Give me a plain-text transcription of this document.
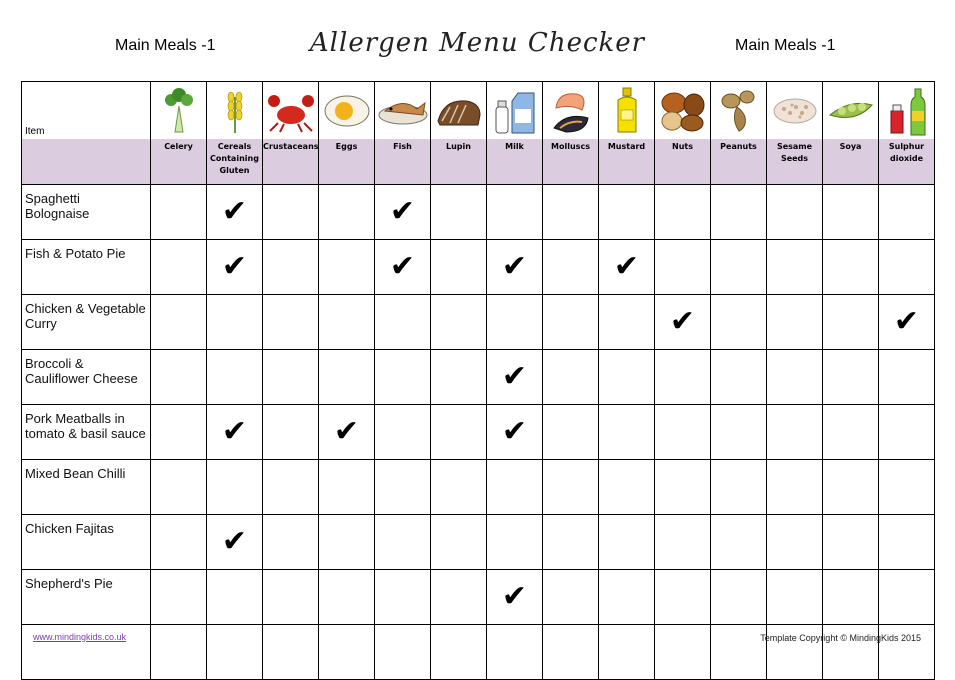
Main Meals -1	Allergen Menu Checker	Main Meals -1
Item	

	Celery	Cereals Containing Gluten	Crustaceans	Eggs	Fish	Lupin	Milk	Molluscs	Mustard	Nuts	Peanuts	Sesame Seeds	Soya	Sulphur dioxide
Spaghetti Bolognaise		✔			✔									
Fish & Potato Pie		✔			✔		✔		✔					
Chicken & Vegetable Curry										✔				✔
Broccoli & Cauliflower Cheese							✔							
Pork Meatballs in tomato & basil sauce		✔		✔			✔							
Mixed Bean Chilli														
Chicken Fajitas		✔												
Shepherd's Pie							✔							

www.mindingkids.co.uk	Template Copyright © MindingKids 2015
